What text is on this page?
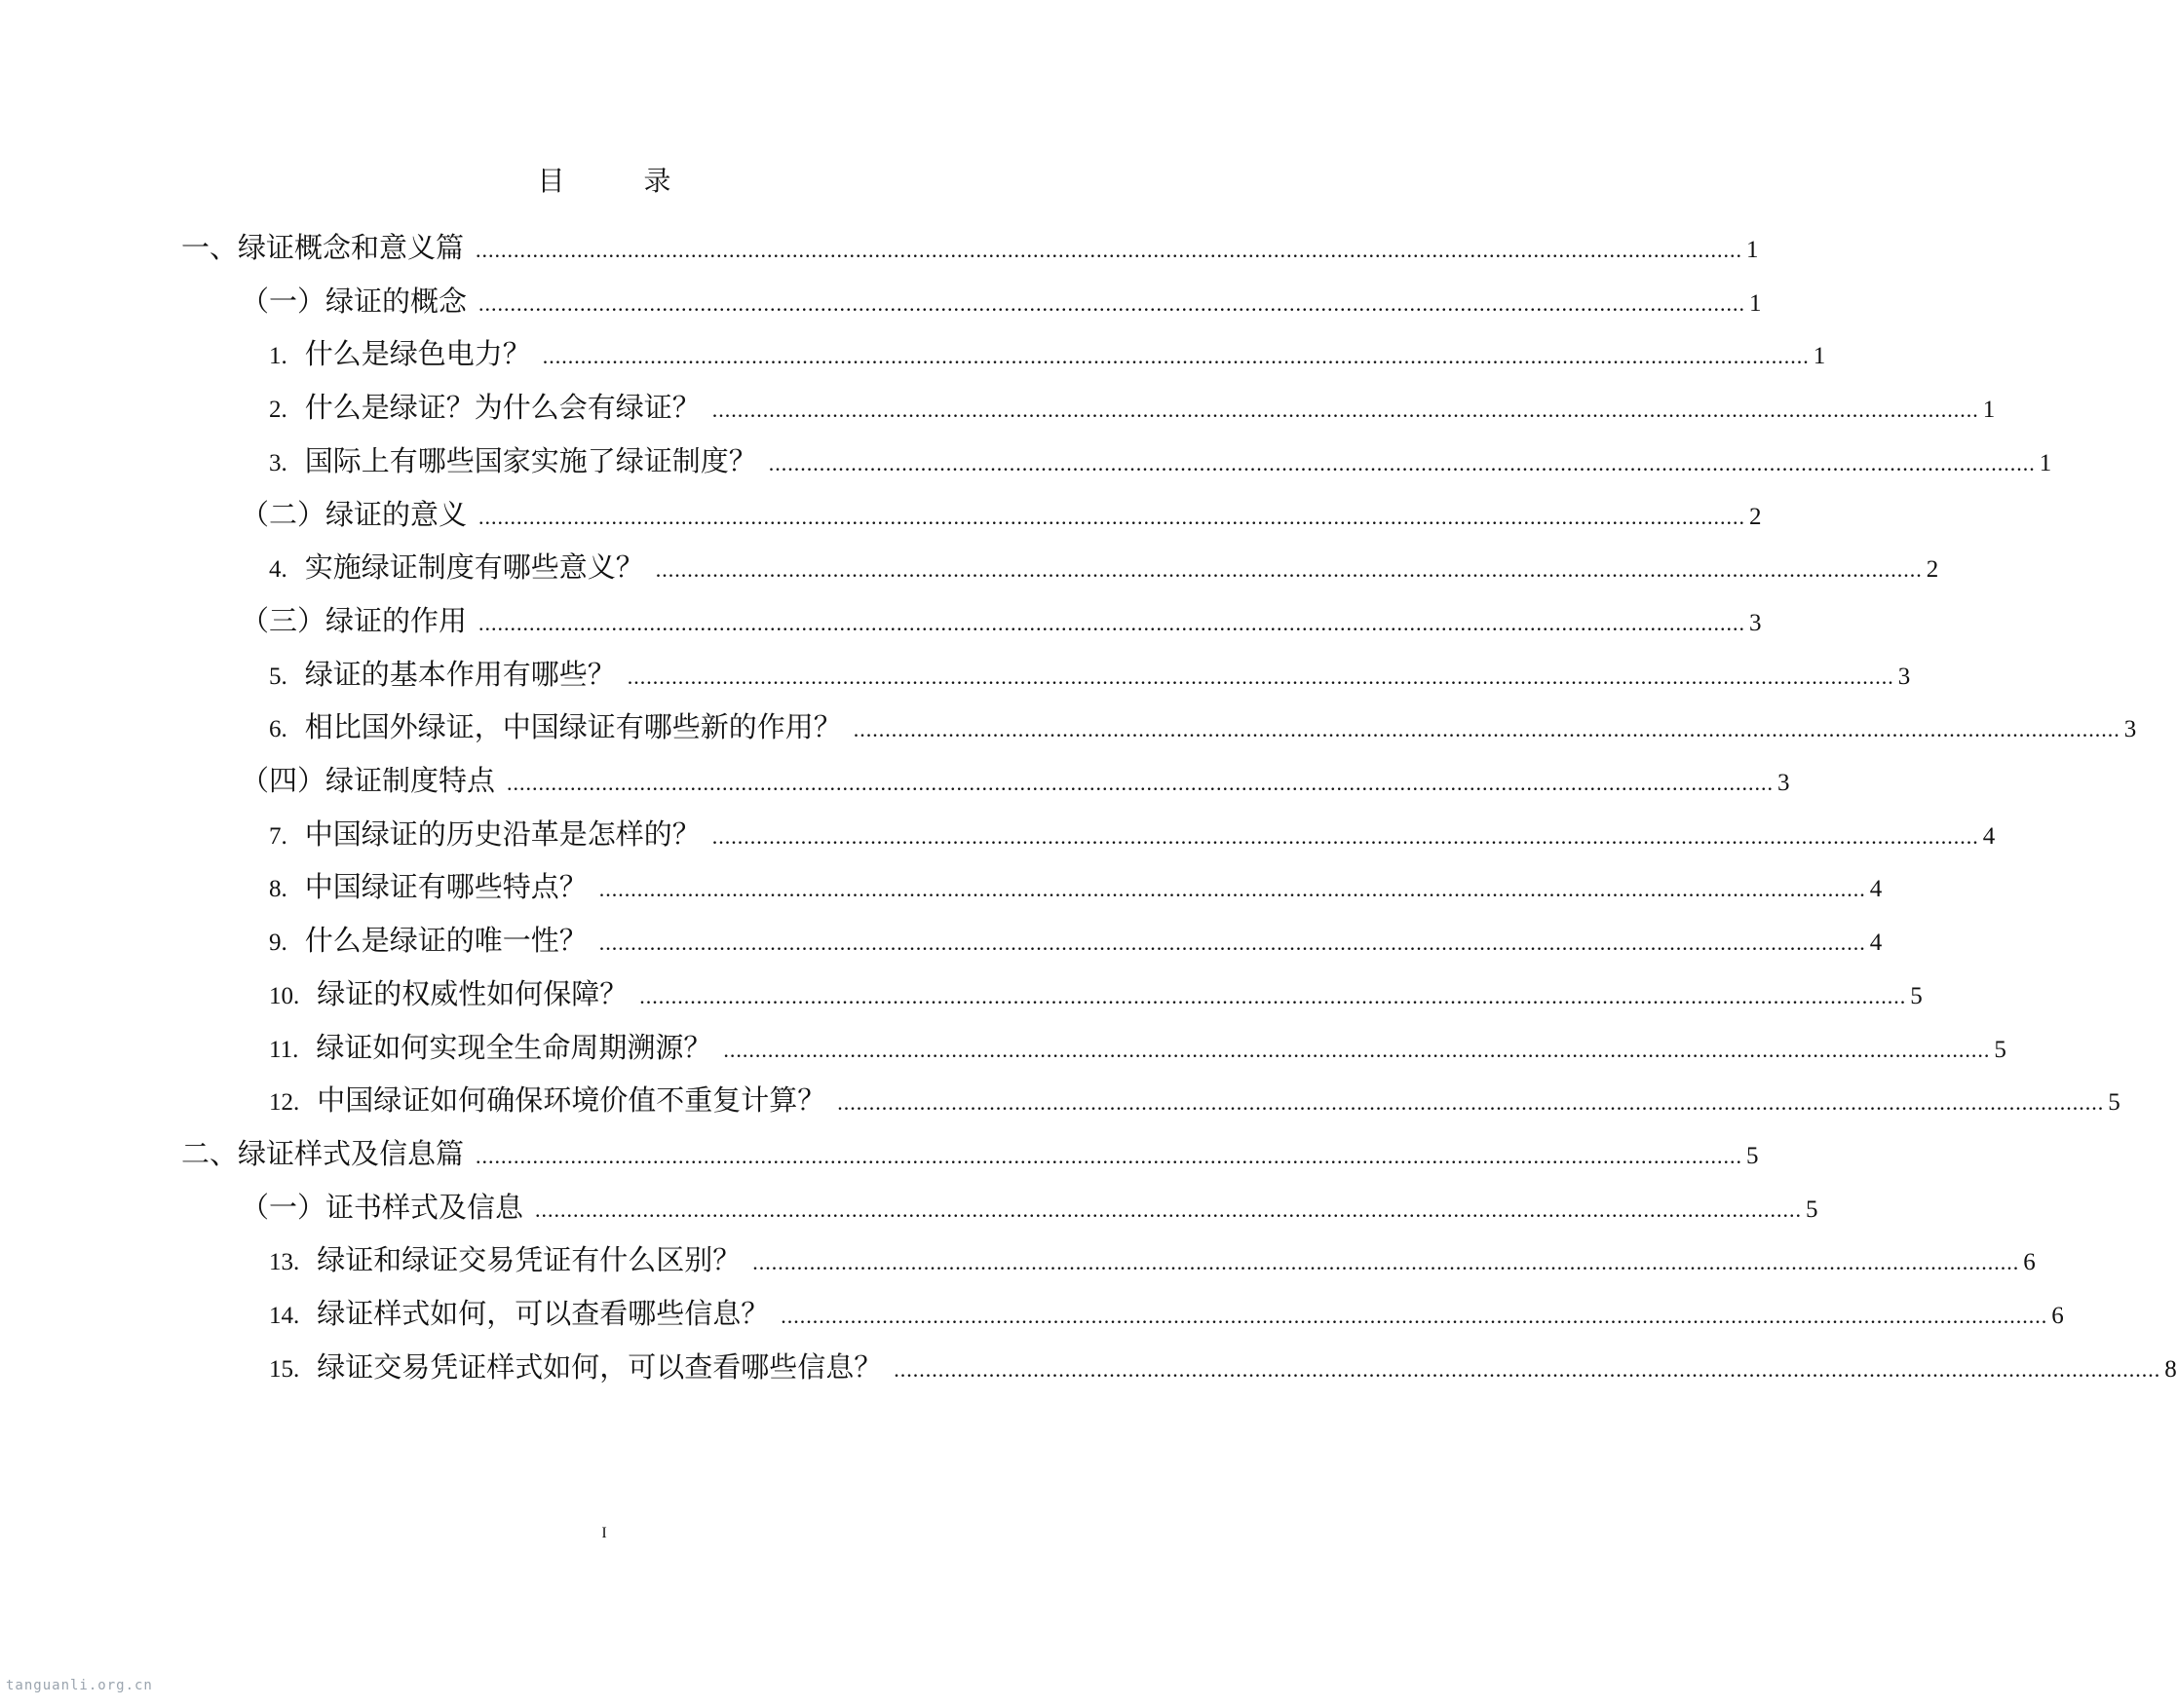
目 录
一、绿证概念和意义篇 ........................................................................................................................................................................................................ 1
（一）绿证的概念 ........................................................................................................................................................................................................ 1
1. 什么是绿色电力？ ........................................................................................................................................................................................................ 1
2. 什么是绿证？为什么会有绿证？ ........................................................................................................................................................................................................ 1
3. 国际上有哪些国家实施了绿证制度？ ........................................................................................................................................................................................................ 1
（二）绿证的意义 ........................................................................................................................................................................................................ 2
4. 实施绿证制度有哪些意义？ ........................................................................................................................................................................................................ 2
（三）绿证的作用 ........................................................................................................................................................................................................ 3
5. 绿证的基本作用有哪些？ ........................................................................................................................................................................................................ 3
6. 相比国外绿证，中国绿证有哪些新的作用？ ........................................................................................................................................................................................................ 3
（四）绿证制度特点 ........................................................................................................................................................................................................ 3
7. 中国绿证的历史沿革是怎样的？ ........................................................................................................................................................................................................ 4
8. 中国绿证有哪些特点？ ........................................................................................................................................................................................................ 4
9. 什么是绿证的唯一性？ ........................................................................................................................................................................................................ 4
10. 绿证的权威性如何保障？ ........................................................................................................................................................................................................ 5
11. 绿证如何实现全生命周期溯源？ ........................................................................................................................................................................................................ 5
12. 中国绿证如何确保环境价值不重复计算？ ........................................................................................................................................................................................................ 5
二、绿证样式及信息篇 ........................................................................................................................................................................................................ 5
（一）证书样式及信息 ........................................................................................................................................................................................................ 5
13. 绿证和绿证交易凭证有什么区别？ ........................................................................................................................................................................................................ 6
14. 绿证样式如何，可以查看哪些信息？ ........................................................................................................................................................................................................ 6
15. 绿证交易凭证样式如何，可以查看哪些信息？ ........................................................................................................................................................................................................ 8
I
tanguanli.org.cn
